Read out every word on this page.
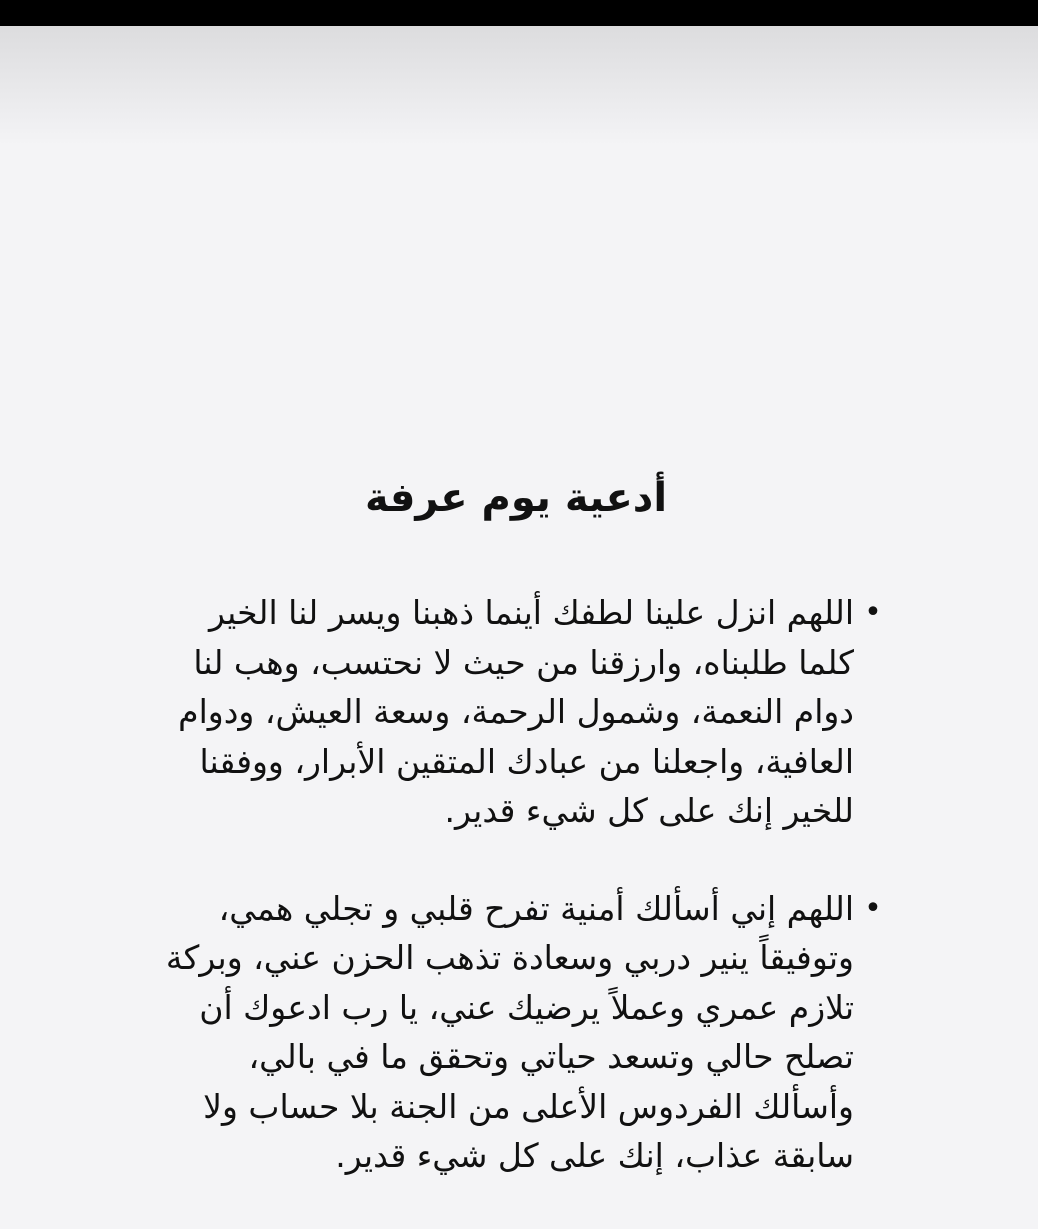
أدعية يوم عرفة
•
اللهم انزل علينا لطفك أينما ذهبنا ويسر لنا الخير كلما طلبناه، وارزقنا من حيث لا نحتسب، وهب لنا دوام النعمة، وشمول الرحمة، وسعة العيش، ودوام العافية، واجعلنا من عبادك المتقين الأبرار، ووفقنا للخير إنك على كل شيء قدير.
•
اللهم إني أسألك أمنية تفرح قلبي و تجلي همي، وتوفيقاً ينير دربي وسعادة تذهب الحزن عني، وبركة تلازم عمري وعملاً يرضيك عني، يا رب ادعوك أن تصلح حالي وتسعد حياتي وتحقق ما في بالي، وأسألك الفردوس الأعلى من الجنة بلا حساب ولا سابقة عذاب، إنك على كل شيء قدير.
